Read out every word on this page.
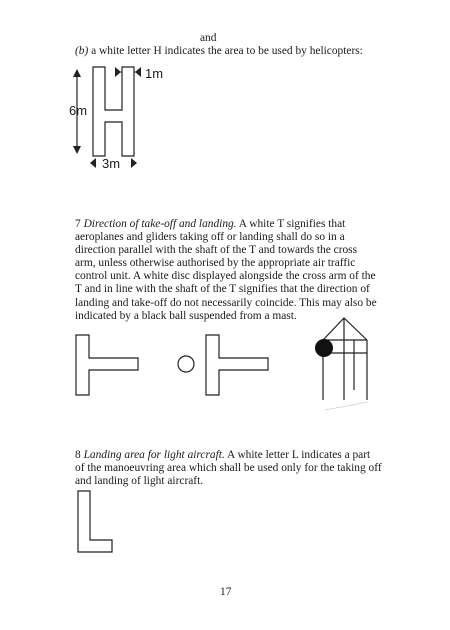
and
(b) a white letter H indicates the area to be used by helicopters:
1m
6m
3m
7 Direction of take-off and landing. A white T signifies that
aeroplanes and gliders taking off or landing shall do so in a
direction parallel with the shaft of the T and towards the cross
arm, unless otherwise authorised by the appropriate air traffic
control unit. A white disc displayed alongside the cross arm of the
T and in line with the shaft of the T signifies that the direction of
landing and take-off do not necessarily coincide. This may also be
indicated by a black ball suspended from a mast.
8 Landing area for light aircraft. A white letter L indicates a part
of the manoeuvring area which shall be used only for the taking off
and landing of light aircraft.
17
